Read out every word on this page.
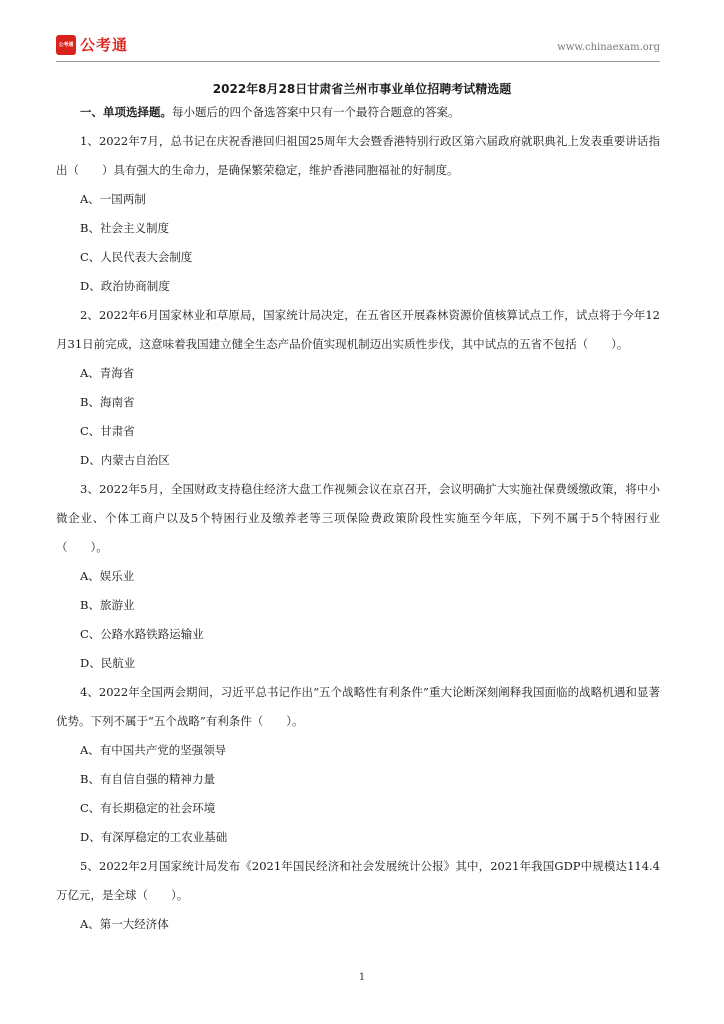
公考通 公考通	www.chinaexam.org
2022年8月28日甘肃省兰州市事业单位招聘考试精选题

一、单项选择题。每小题后的四个备选答案中只有一个最符合题意的答案。

1、2022年7月，总书记在庆祝香港回归祖国25周年大会暨香港特别行政区第六届政府就职典礼上发表重要讲话指出（　　）具有强大的生命力，是确保繁荣稳定，维护香港同胞福祉的好制度。

A、一国两制

B、社会主义制度

C、人民代表大会制度

D、政治协商制度

2、2022年6月国家林业和草原局，国家统计局决定，在五省区开展森林资源价值核算试点工作，试点将于今年12月31日前完成，这意味着我国建立健全生态产品价值实现机制迈出实质性步伐，其中试点的五省不包括（　　）。

A、青海省

B、海南省

C、甘肃省

D、内蒙古自治区

3、2022年5月，全国财政支持稳住经济大盘工作视频会议在京召开，会议明确扩大实施社保费缓缴政策，将中小微企业、个体工商户以及5个特困行业及缴养老等三项保险费政策阶段性实施至今年底，下列不属于5个特困行业（　　）。

A、娱乐业

B、旅游业

C、公路水路铁路运输业

D、民航业

4、2022年全国两会期间，习近平总书记作出“五个战略性有利条件”重大论断深刻阐释我国面临的战略机遇和显著优势。下列不属于“五个战略”有利条件（　　）。

A、有中国共产党的坚强领导

B、有自信自强的精神力量

C、有长期稳定的社会环境

D、有深厚稳定的工农业基础

5、2022年2月国家统计局发布《2021年国民经济和社会发展统计公报》其中，2021年我国GDP中规模达114.4万亿元，是全球（　　）。

A、第一大经济体

1
